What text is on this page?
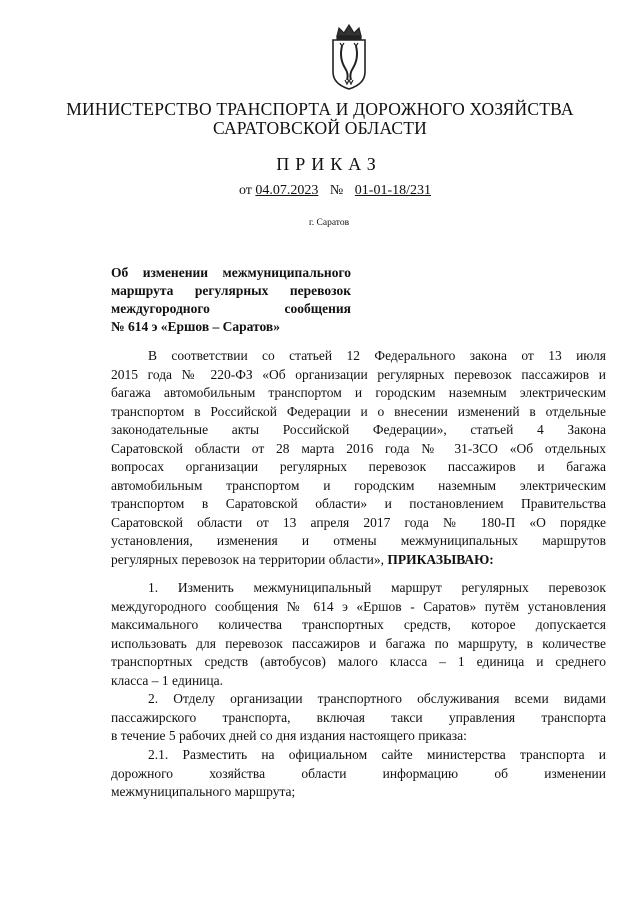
МИНИСТЕРСТВО ТРАНСПОРТА И ДОРОЖНОГО ХОЗЯЙСТВА
САРАТОВСКОЙ ОБЛАСТИ
ПРИКАЗ
от 04.07.2023 № 01-01-18/231
г. Саратов
Об изменении межмуниципального
маршрута регулярных перевозок
междугородного сообщения
№ 614 э «Ершов – Саратов»
В соответствии со статьей 12 Федерального закона от 13 июля
2015 года № 220-ФЗ «Об организации регулярных перевозок пассажиров и
багажа автомобильным транспортом и городским наземным электрическим
транспортом в Российской Федерации и о внесении изменений в отдельные
законодательные акты Российской Федерации», статьей 4 Закона
Саратовской области от 28 марта 2016 года № 31-ЗСО «Об отдельных
вопросах организации регулярных перевозок пассажиров и багажа
автомобильным транспортом и городским наземным электрическим
транспортом в Саратовской области» и постановлением Правительства
Саратовской области от 13 апреля 2017 года № 180-П «О порядке
установления, изменения и отмены межмуниципальных маршрутов
регулярных перевозок на территории области», ПРИКАЗЫВАЮ:
1. Изменить межмуниципальный маршрут регулярных перевозок
междугородного сообщения № 614 э «Ершов - Саратов» путём установления
максимального количества транспортных средств, которое допускается
использовать для перевозок пассажиров и багажа по маршруту, в количестве
транспортных средств (автобусов) малого класса – 1 единица и среднего
класса – 1 единица.
2. Отделу организации транспортного обслуживания всеми видами
пассажирского транспорта, включая такси управления транспорта
в течение 5 рабочих дней со дня издания настоящего приказа:
2.1. Разместить на официальном сайте министерства транспорта и
дорожного хозяйства области информацию об изменении
межмуниципального маршрута;
